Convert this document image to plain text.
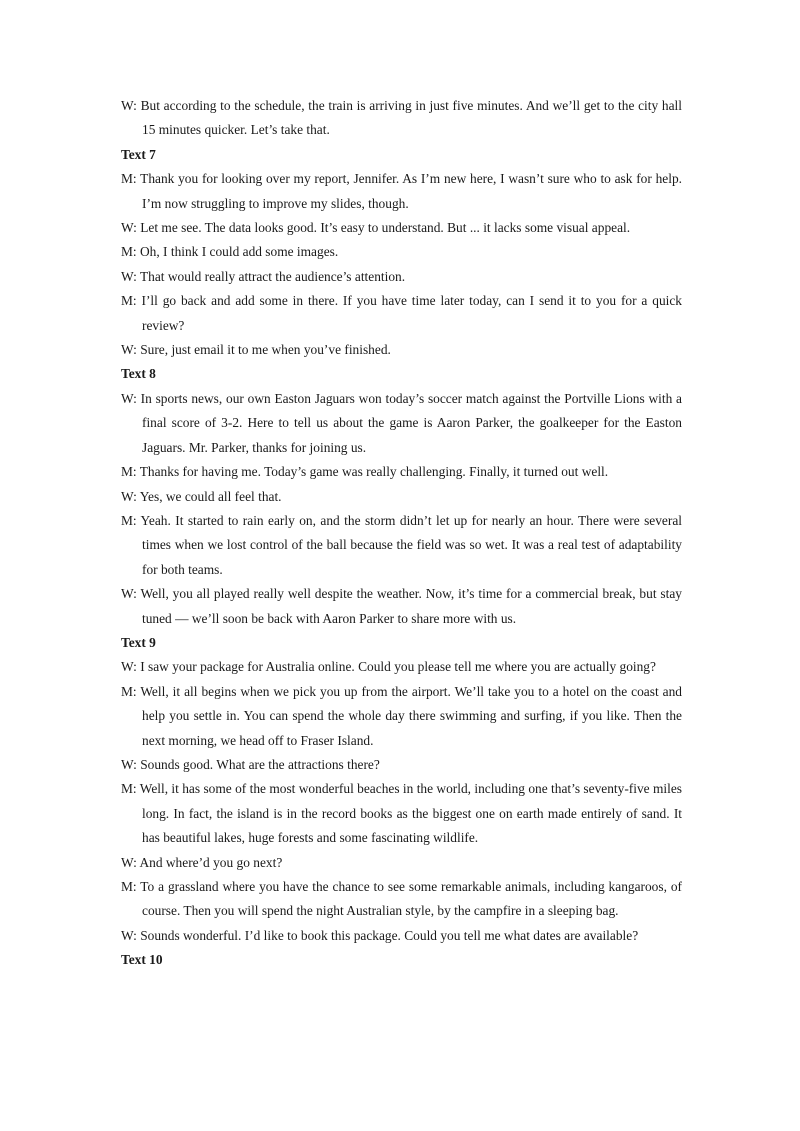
W: But according to the schedule, the train is arriving in just five minutes. And we’ll get to the city hall 15 minutes quicker. Let’s take that.
Text 7
M: Thank you for looking over my report, Jennifer. As I’m new here, I wasn’t sure who to ask for help. I’m now struggling to improve my slides, though.
W: Let me see. The data looks good. It’s easy to understand. But ... it lacks some visual appeal.
M: Oh, I think I could add some images.
W: That would really attract the audience’s attention.
M: I’ll go back and add some in there. If you have time later today, can I send it to you for a quick review?
W: Sure, just email it to me when you’ve finished.
Text 8
W: In sports news, our own Easton Jaguars won today’s soccer match against the Portville Lions with a final score of 3-2. Here to tell us about the game is Aaron Parker, the goalkeeper for the Easton Jaguars. Mr. Parker, thanks for joining us.
M: Thanks for having me. Today’s game was really challenging. Finally, it turned out well.
W: Yes, we could all feel that.
M: Yeah. It started to rain early on, and the storm didn’t let up for nearly an hour. There were several times when we lost control of the ball because the field was so wet. It was a real test of adaptability for both teams.
W: Well, you all played really well despite the weather. Now, it’s time for a commercial break, but stay tuned — we’ll soon be back with Aaron Parker to share more with us.
Text 9
W: I saw your package for Australia online. Could you please tell me where you are actually going?
M: Well, it all begins when we pick you up from the airport. We’ll take you to a hotel on the coast and help you settle in. You can spend the whole day there swimming and surfing, if you like. Then the next morning, we head off to Fraser Island.
W: Sounds good. What are the attractions there?
M: Well, it has some of the most wonderful beaches in the world, including one that’s seventy-five miles long. In fact, the island is in the record books as the biggest one on earth made entirely of sand. It has beautiful lakes, huge forests and some fascinating wildlife.
W: And where’d you go next?
M: To a grassland where you have the chance to see some remarkable animals, including kangaroos, of course. Then you will spend the night Australian style, by the campfire in a sleeping bag.
W: Sounds wonderful. I’d like to book this package. Could you tell me what dates are available?
Text 10
